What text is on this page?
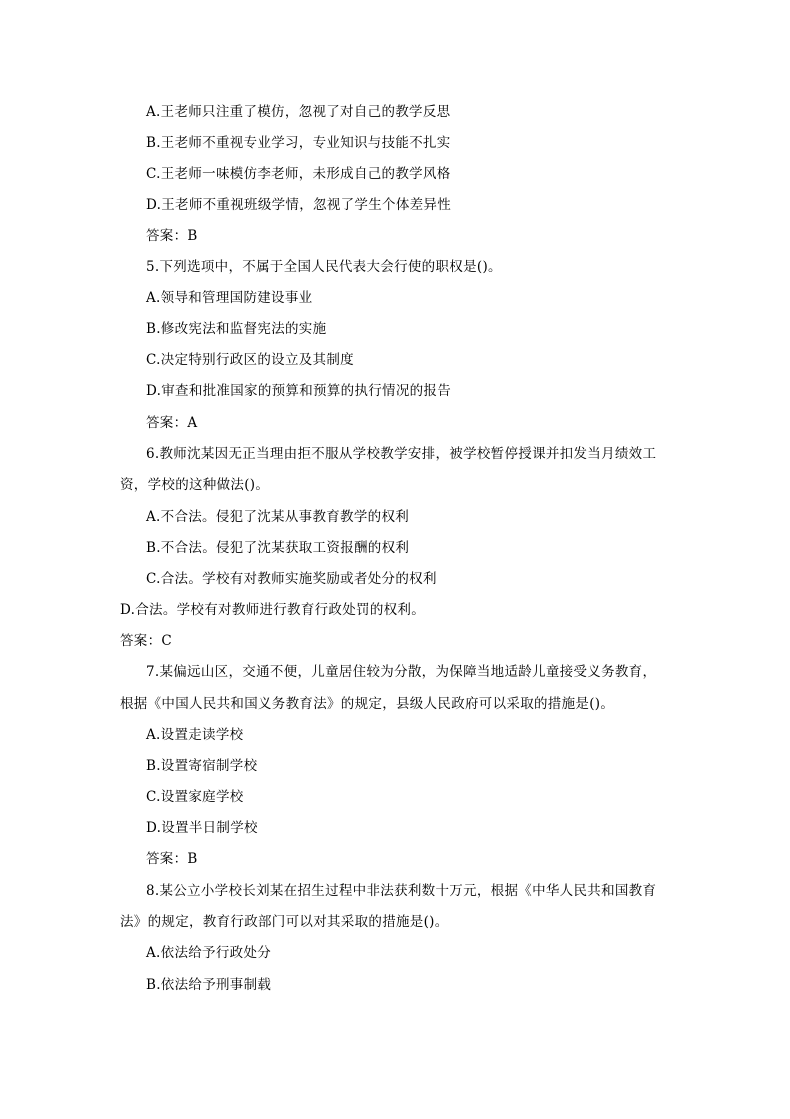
A.王老师只注重了模仿，忽视了对自己的教学反思
B.王老师不重视专业学习，专业知识与技能不扎实
C.王老师一味模仿李老师，未形成自己的教学风格
D.王老师不重视班级学情，忽视了学生个体差异性
答案：B
5.下列选项中，不属于全国人民代表大会行使的职权是()。
A.领导和管理国防建设事业
B.修改宪法和监督宪法的实施
C.决定特别行政区的设立及其制度
D.审查和批准国家的预算和预算的执行情况的报告
答案：A
6.教师沈某因无正当理由拒不服从学校教学安排，被学校暂停授课并扣发当月绩效工
资，学校的这种做法()。
A.不合法。侵犯了沈某从事教育教学的权利
B.不合法。侵犯了沈某获取工资报酬的权利
C.合法。学校有对教师实施奖励或者处分的权利
D.合法。学校有对教师进行教育行政处罚的权利。
答案：C
7.某偏远山区，交通不便，儿童居住较为分散，为保障当地适龄儿童接受义务教育，
根据《中国人民共和国义务教育法》的规定，县级人民政府可以采取的措施是()。
A.设置走读学校
B.设置寄宿制学校
C.设置家庭学校
D.设置半日制学校
答案：B
8.某公立小学校长刘某在招生过程中非法获利数十万元，根据《中华人民共和国教育
法》的规定，教育行政部门可以对其采取的措施是()。
A.依法给予行政处分
B.依法给予刑事制载
